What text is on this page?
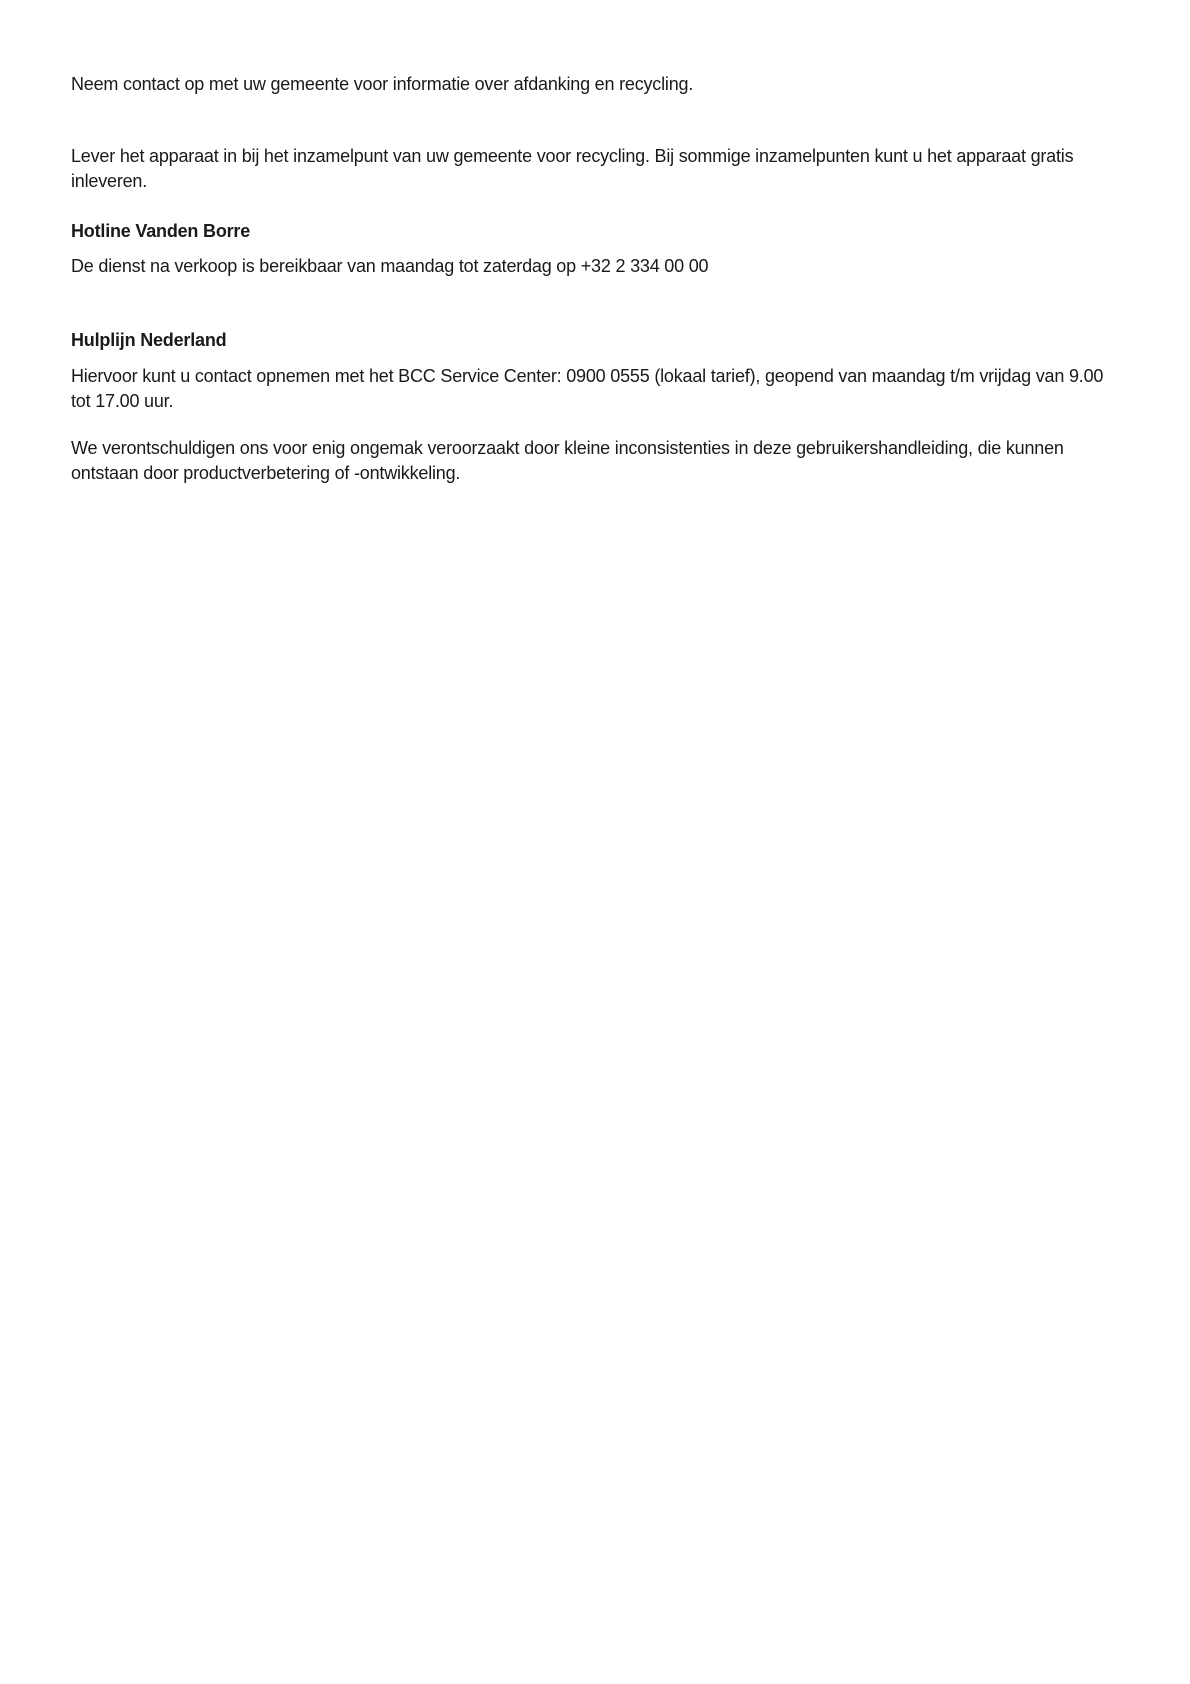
Neem contact op met uw gemeente voor informatie over afdanking en recycling.

Lever het apparaat in bij het inzamelpunt van uw gemeente voor recycling. Bij sommige inzamelpunten kunt u het apparaat gratis inleveren.

Hotline Vanden Borre

De dienst na verkoop is bereikbaar van maandag tot zaterdag op +32 2 334 00 00

Hulplijn Nederland

Hiervoor kunt u contact opnemen met het BCC Service Center: 0900 0555 (lokaal tarief), geopend van maandag t/m vrijdag van 9.00 tot 17.00 uur.

We verontschuldigen ons voor enig ongemak veroorzaakt door kleine inconsistenties in deze gebruikershandleiding, die kunnen ontstaan door productverbetering of -ontwikkeling.
